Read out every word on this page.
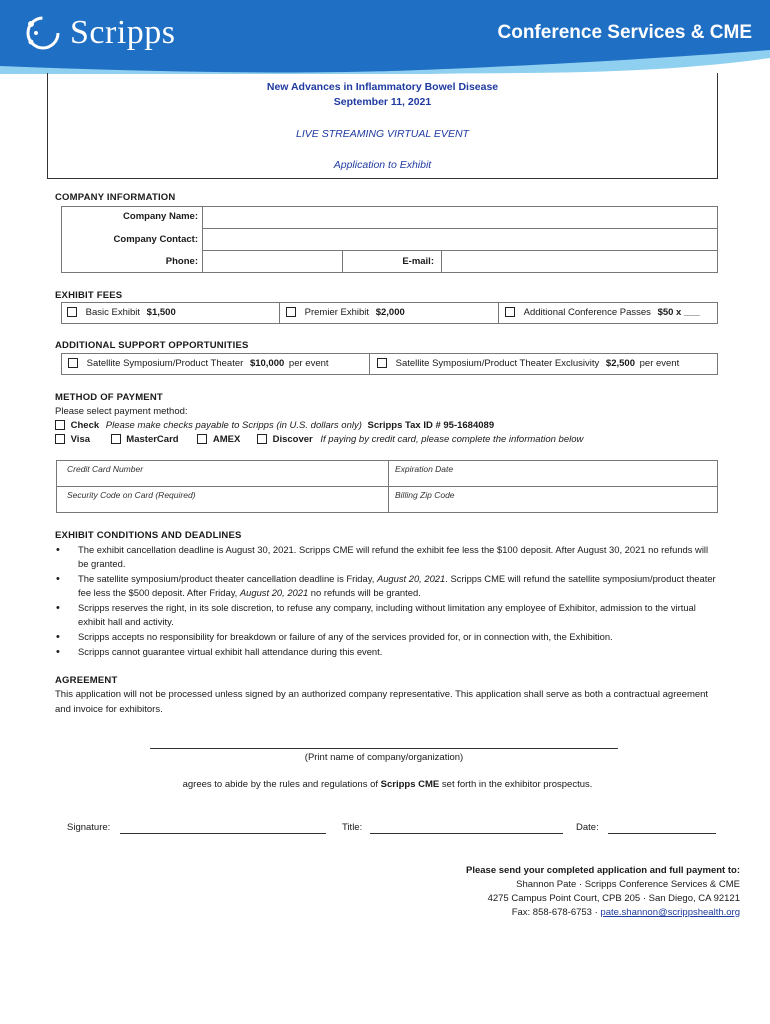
Scripps	Conference Services & CME
New Advances in Inflammatory Bowel Disease
September 11, 2021
LIVE STREAMING VIRTUAL EVENT
Application to Exhibit
COMPANY INFORMATION
Company Name:
Company Contact:
Phone:	E-mail:
EXHIBIT FEES
Basic Exhibit $1,500	Premier Exhibit $2,000	Additional Conference Passes $50 x ___
ADDITIONAL SUPPORT OPPORTUNITIES
Satellite Symposium/Product Theater $10,000 per event	Satellite Symposium/Product Theater Exclusivity $2,500 per event
METHOD OF PAYMENT
Please select payment method:
Check Please make checks payable to Scripps (in U.S. dollars only) Scripps Tax ID # 95-1684089
Visa	MasterCard	AMEX	Discover If paying by credit card, please complete the information below
Credit Card Number	Expiration Date
Security Code on Card (Required)	Billing Zip Code
EXHIBIT CONDITIONS AND DEADLINES
• The exhibit cancellation deadline is August 30, 2021. Scripps CME will refund the exhibit fee less the $100 deposit. After August 30, 2021 no refunds will be granted.
• The satellite symposium/product theater cancellation deadline is Friday, August 20, 2021. Scripps CME will refund the satellite symposium/product theater fee less the $500 deposit. After Friday, August 20, 2021 no refunds will be granted.
• Scripps reserves the right, in its sole discretion, to refuse any company, including without limitation any employee of Exhibitor, admission to the virtual exhibit hall and activity.
• Scripps accepts no responsibility for breakdown or failure of any of the services provided for, or in connection with, the Exhibition.
• Scripps cannot guarantee virtual exhibit hall attendance during this event.
AGREEMENT
This application will not be processed unless signed by an authorized company representative. This application shall serve as both a contractual agreement and invoice for exhibitors.
(Print name of company/organization)
agrees to abide by the rules and regulations of Scripps CME set forth in the exhibitor prospectus.
Signature:	Title:	Date:
Please send your completed application and full payment to:
Shannon Pate · Scripps Conference Services & CME
4275 Campus Point Court, CPB 205 · San Diego, CA 92121
Fax: 858-678-6753 · pate.shannon@scrippshealth.org
